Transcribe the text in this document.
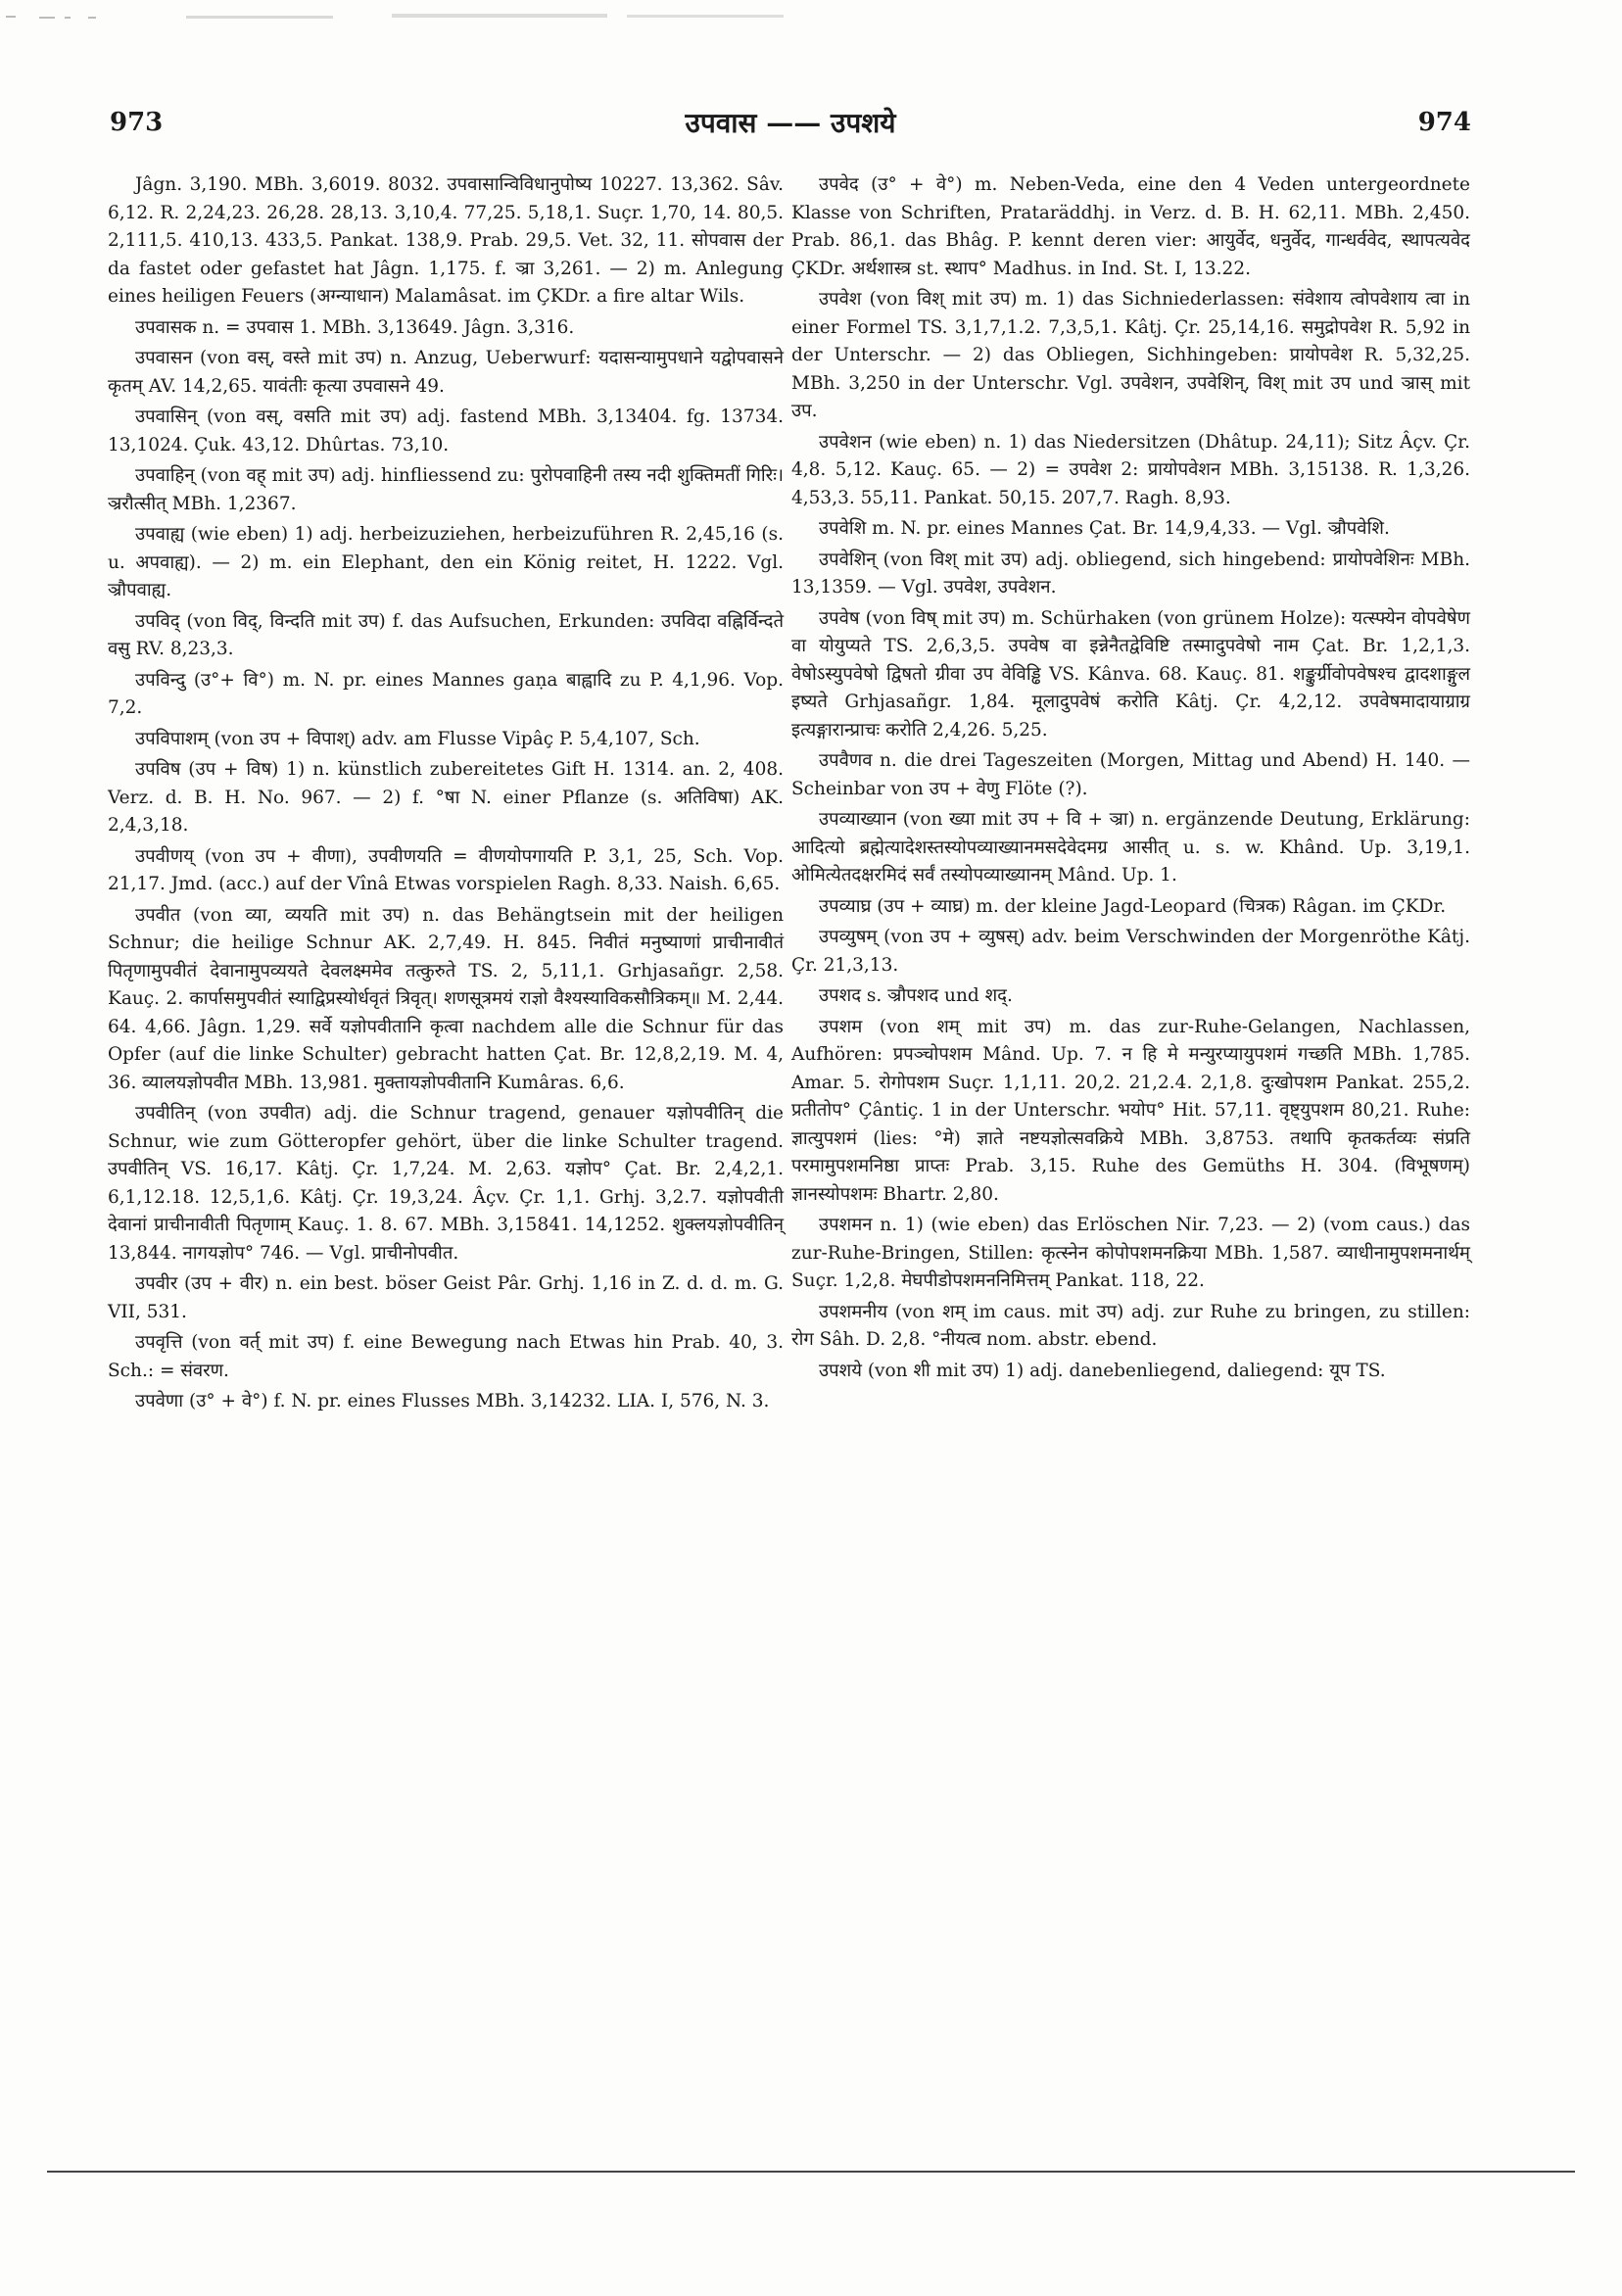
973	उपवास —— उपशये	974

Jâgn. 3,190. MBh. 3,6019. 8032. उपवासान्विविधानुपोष्य 10227. 13,362. Sâv. 6,12. R. 2,24,23. 26,28. 28,13. 3,10,4. 77,25. 5,18,1. Suçr. 1,70, 14. 80,5. 2,111,5. 410,13. 433,5. Pankat. 138,9. Prab. 29,5. Vet. 32, 11. सोपवास der da fastet oder gefastet hat Jâgn. 1,175. f. ञ्रा 3,261. — 2) m. Anlegung eines heiligen Feuers (अग्न्याधान) Malamâsat. im ÇKDr. a fire altar Wils.

उपवासक n. = उपवास 1. MBh. 3,13649. Jâgn. 3,316.

उपवासन (von वस्, वस्ते mit उप) n. Anzug, Ueberwurf: यदासन्यामुपधाने यद्वोपवासने कृतम् AV. 14,2,65. यावंतीः कृत्या उपवासने 49.

उपवासिन् (von वस्, वसति mit उप) adj. fastend MBh. 3,13404. fg. 13734. 13,1024. Çuk. 43,12. Dhûrtas. 73,10.

उपवाहिन् (von वह् mit उप) adj. hinfliessend zu: पुरोपवाहिनी तस्य नदी शुक्तिमतीं गिरिः। ञ्ररौत्सीत् MBh. 1,2367.

उपवाह्य (wie eben) 1) adj. herbeizuziehen, herbeizuführen R. 2,45,16 (s. u. अपवाह्य). — 2) m. ein Elephant, den ein König reitet, H. 1222. Vgl. ञ्रौपवाह्य.

उपविद् (von विद्, विन्दति mit उप) f. das Aufsuchen, Erkunden: उपविदा वह्निर्विन्दते वसु RV. 8,23,3.

उपविन्दु (उ°+ वि°) m. N. pr. eines Mannes gaṇa बाह्वादि zu P. 4,1,96. Vop. 7,2.

उपविपाशम् (von उप + विपाश्) adv. am Flusse Vipâç P. 5,4,107, Sch.

उपविष (उप + विष) 1) n. künstlich zubereitetes Gift H. 1314. an. 2, 408. Verz. d. B. H. No. 967. — 2) f. °षा N. einer Pflanze (s. अतिविषा) AK. 2,4,3,18.

उपवीणय् (von उप + वीणा), उपवीणयति = वीणयोपगायति P. 3,1, 25, Sch. Vop. 21,17. Jmd. (acc.) auf der Vînâ Etwas vorspielen Ragh. 8,33. Naish. 6,65.

उपवीत (von व्या, व्ययति mit उप) n. das Behängtsein mit der heiligen Schnur; die heilige Schnur AK. 2,7,49. H. 845. निवीतं मनुष्याणां प्राचीनावीतं पितृणामुपवीतं देवानामुपव्ययते देवलक्ष्ममेव तत्कुरुते TS. 2, 5,11,1. Grhjasañgr. 2,58. Kauç. 2. कार्पासमुपवीतं स्याद्विप्रस्योर्धवृतं त्रिवृत्। शणसूत्रमयं राज्ञो वैश्यस्याविकसौत्रिकम्॥ M. 2,44. 64. 4,66. Jâgn. 1,29. सर्वे यज्ञोपवीतानि कृत्वा nachdem alle die Schnur für das Opfer (auf die linke Schulter) gebracht hatten Çat. Br. 12,8,2,19. M. 4, 36. व्यालयज्ञोपवीत MBh. 13,981. मुक्तायज्ञोपवीतानि Kumâras. 6,6.

उपवीतिन् (von उपवीत) adj. die Schnur tragend, genauer यज्ञोपवीतिन् die Schnur, wie zum Götteropfer gehört, über die linke Schulter tragend. उपवीतिन् VS. 16,17. Kâtj. Çr. 1,7,24. M. 2,63. यज्ञोप° Çat. Br. 2,4,2,1. 6,1,12.18. 12,5,1,6. Kâtj. Çr. 19,3,24. Âçv. Çr. 1,1. Grhj. 3,2.7. यज्ञोपवीती देवानां प्राचीनावीती पितृणाम् Kauç. 1. 8. 67. MBh. 3,15841. 14,1252. शुक्लयज्ञोपवीतिन् 13,844. नागयज्ञोप° 746. — Vgl. प्राचीनोपवीत.

उपवीर (उप + वीर) n. ein best. böser Geist Pâr. Grhj. 1,16 in Z. d. d. m. G. VII, 531.

उपवृत्ति (von वर्त् mit उप) f. eine Bewegung nach Etwas hin Prab. 40, 3. Sch.: = संवरण.

उपवेणा (उ° + वे°) f. N. pr. eines Flusses MBh. 3,14232. LIA. I, 576, N. 3.

उपवेद (उ° + वे°) m. Neben-Veda, eine den 4 Veden untergeordnete Klasse von Schriften, Prataräddhj. in Verz. d. B. H. 62,11. MBh. 2,450. Prab. 86,1. das Bhâg. P. kennt deren vier: आयुर्वेद, धनुर्वेद, गान्धर्ववेद, स्थापत्यवेद ÇKDr. अर्थशास्त्र st. स्थाप° Madhus. in Ind. St. I, 13.22.

उपवेश (von विश् mit उप) m. 1) das Sichniederlassen: संवेशाय त्वोपवेशाय त्वा in einer Formel TS. 3,1,7,1.2. 7,3,5,1. Kâtj. Çr. 25,14,16. समुद्रोपवेश R. 5,92 in der Unterschr. — 2) das Obliegen, Sichhingeben: प्रायोपवेश R. 5,32,25. MBh. 3,250 in der Unterschr. Vgl. उपवेशन, उपवेशिन्, विश् mit उप und ञ्रास् mit उप.

उपवेशन (wie eben) n. 1) das Niedersitzen (Dhâtup. 24,11); Sitz Âçv. Çr. 4,8. 5,12. Kauç. 65. — 2) = उपवेश 2: प्रायोपवेशन MBh. 3,15138. R. 1,3,26. 4,53,3. 55,11. Pankat. 50,15. 207,7. Ragh. 8,93.

उपवेशि m. N. pr. eines Mannes Çat. Br. 14,9,4,33. — Vgl. ञ्रौपवेशि.

उपवेशिन् (von विश् mit उप) adj. obliegend, sich hingebend: प्रायोपवेशिनः MBh. 13,1359. — Vgl. उपवेश, उपवेशन.

उपवेष (von विष् mit उप) m. Schürhaken (von grünem Holze): यत्स्फ्येन वोपवेषेण वा योयुप्यते TS. 2,6,3,5. उपवेष वा इन्नेनैतद्वेविष्टि तस्मादुपवेषो नाम Çat. Br. 1,2,1,3. वेषोऽस्युपवेषो द्विषतो ग्रीवा उप वेविड्ढि VS. Kânva. 68. Kauç. 81. शङ्कुर्ग्रीवोपवेषश्च द्वादशाङ्गुल इष्यते Grhjasañgr. 1,84. मूलादुपवेषं करोति Kâtj. Çr. 4,2,12. उपवेषमादायाग्राग्र इत्यङ्गारान्प्राचः करोति 2,4,26. 5,25.

उपवैणव n. die drei Tageszeiten (Morgen, Mittag und Abend) H. 140. — Scheinbar von उप + वेणु Flöte (?).

उपव्याख्यान (von ख्या mit उप + वि + ञ्रा) n. ergänzende Deutung, Erklärung: आदित्यो ब्रह्मेत्यादेशस्तस्योपव्याख्यानमसदेवेदमग्र आसीत् u. s. w. Khând. Up. 3,19,1. ओमित्येतदक्षरमिदं सर्वं तस्योपव्याख्यानम् Mând. Up. 1.

उपव्याघ्र (उप + व्याघ्र) m. der kleine Jagd-Leopard (चित्रक) Râgan. im ÇKDr.

उपव्युषम् (von उप + व्युषस्) adv. beim Verschwinden der Morgenröthe Kâtj. Çr. 21,3,13.

उपशद s. ञ्रौपशद und शद्.

उपशम (von शम् mit उप) m. das zur-Ruhe-Gelangen, Nachlassen, Aufhören: प्रपञ्चोपशम Mând. Up. 7. न हि मे मन्युरप्यायुपशमं गच्छति MBh. 1,785. Amar. 5. रोगोपशम Suçr. 1,1,11. 20,2. 21,2.4. 2,1,8. दुःखोपशम Pankat. 255,2. प्रतीतोप° Çântiç. 1 in der Unterschr. भयोप° Hit. 57,11. वृष्ट्युपशम 80,21. Ruhe: ज्ञात्युपशमं (lies: °मे) ज्ञाते नष्टयज्ञोत्सवक्रिये MBh. 3,8753. तथापि कृतकर्तव्यः संप्रति परमामुपशमनिष्ठा प्राप्तः Prab. 3,15. Ruhe des Gemüths H. 304. (विभूषणम्) ज्ञानस्योपशमः Bhartr. 2,80.

उपशमन n. 1) (wie eben) das Erlöschen Nir. 7,23. — 2) (vom caus.) das zur-Ruhe-Bringen, Stillen: कृत्स्नेन कोपोपशमनक्रिया MBh. 1,587. व्याधीनामुपशमनार्थम् Suçr. 1,2,8. मेघपीडोपशमननिमित्तम् Pankat. 118, 22.

उपशमनीय (von शम् im caus. mit उप) adj. zur Ruhe zu bringen, zu stillen: रोग Sâh. D. 2,8. °नीयत्व nom. abstr. ebend.

उपशये (von शी mit उप) 1) adj. danebenliegend, daliegend: यूप TS.
